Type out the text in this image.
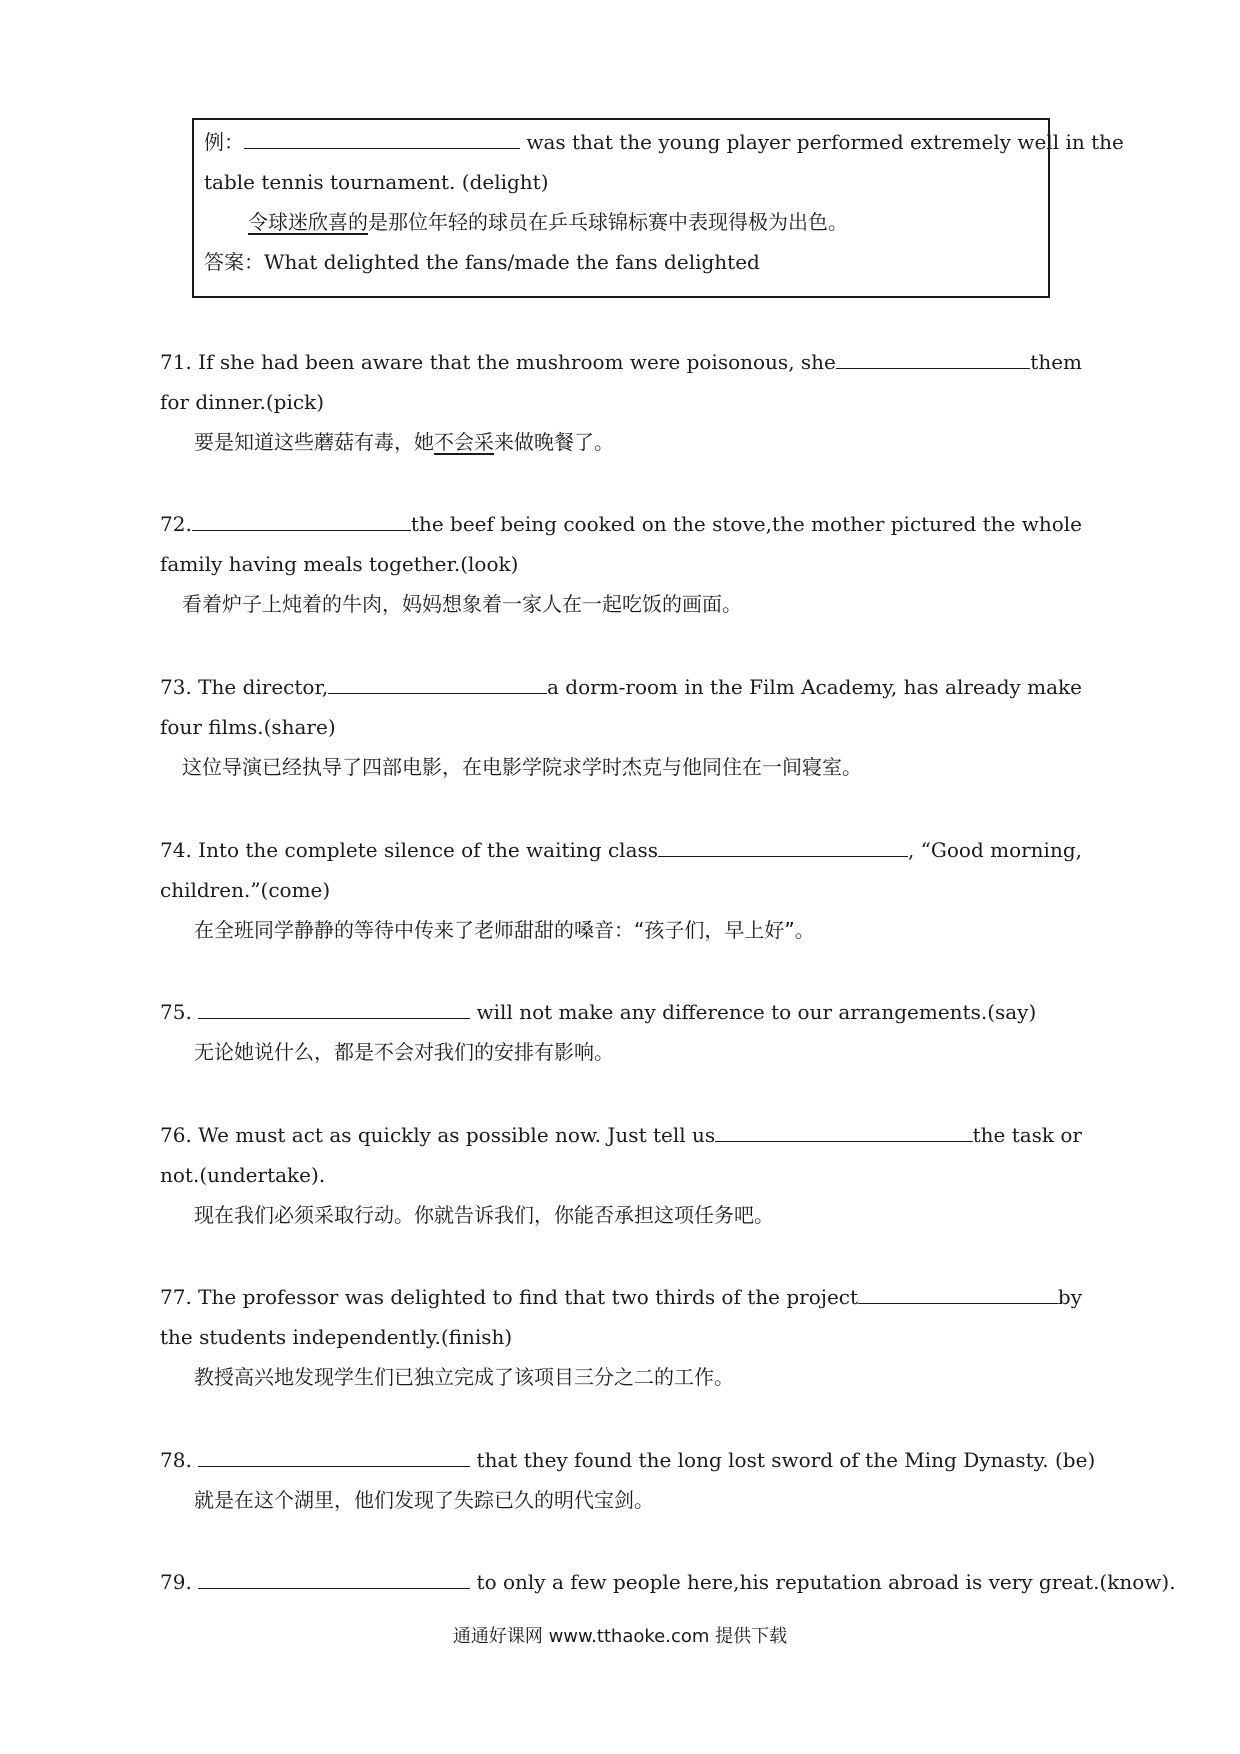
例：	was that the young player performed extremely well in the
table tennis tournament. (delight)
令球迷欣喜的是那位年轻的球员在乒乓球锦标赛中表现得极为出色。
答案：What delighted the fans/made the fans delighted
71. If she had been aware that the mushroom were poisonous, she	them
for dinner.(pick)
要是知道这些蘑菇有毒，她不会采来做晚餐了。
72.	the beef being cooked on the stove,the mother pictured the whole
family having meals together.(look)
看着炉子上炖着的牛肉，妈妈想象着一家人在一起吃饭的画面。
73. The director,	a dorm-room in the Film Academy, has already make
four films.(share)
这位导演已经执导了四部电影，在电影学院求学时杰克与他同住在一间寝室。
74. Into the complete silence of the waiting class	, “Good morning,
children.”(come)
在全班同学静静的等待中传来了老师甜甜的嗓音：“孩子们，早上好”。
75.	will not make any difference to our arrangements.(say)
无论她说什么，都是不会对我们的安排有影响。
76. We must act as quickly as possible now. Just tell us	the task or
not.(undertake).
现在我们必须采取行动。你就告诉我们，你能否承担这项任务吧。
77. The professor was delighted to find that two thirds of the project	by
the students independently.(finish)
教授高兴地发现学生们已独立完成了该项目三分之二的工作。
78.	that they found the long lost sword of the Ming Dynasty. (be)
就是在这个湖里，他们发现了失踪已久的明代宝剑。
79.	to only a few people here,his reputation abroad is very great.(know).
通通好课网 www.tthaoke.com 提供下载
